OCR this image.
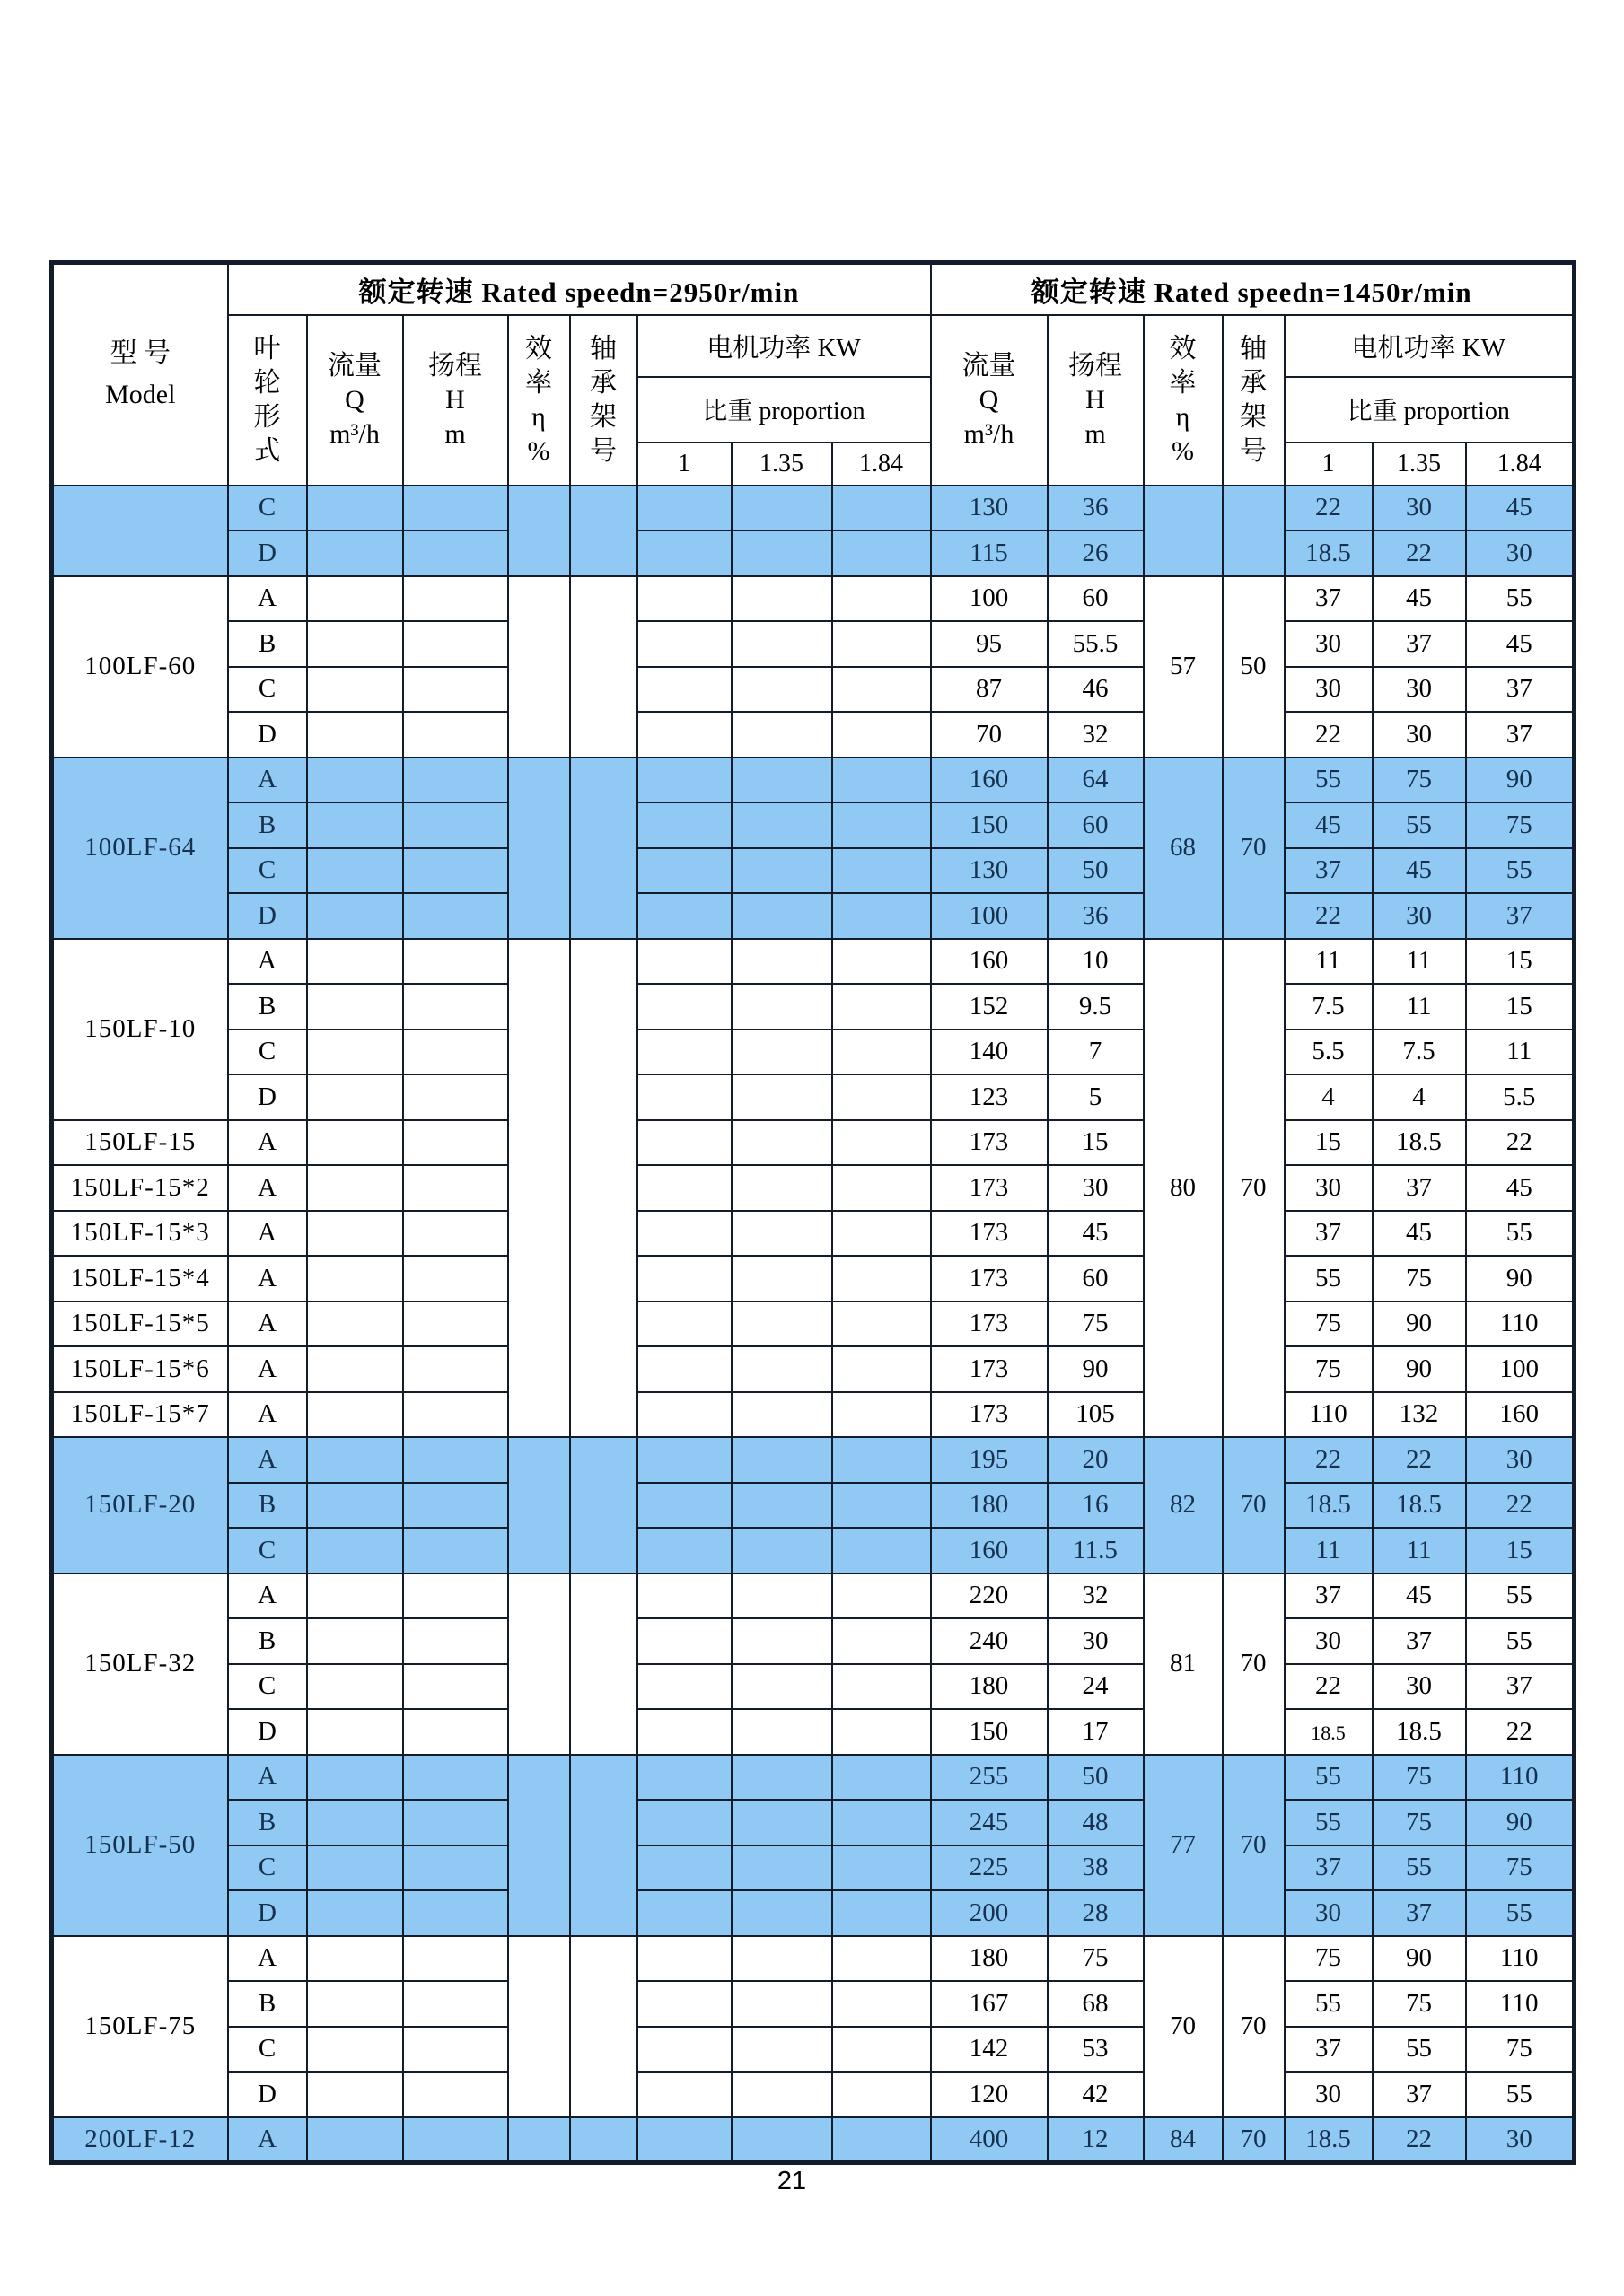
型 号
Model	额定转速 Rated speedn=2950r/min								额定转速 Rated speedn=1450r/min						
	叶
轮
形
式	流量
Q
m³/h	扬程
H
m	效
率
η
%	轴
承
架
号	电机功率 KW			流量
Q
m³/h	扬程
H
m	效
率
η
%	轴
承
架
号	电机功率 KW		
						比重 proportion							比重 proportion		
						1	1.35	1.84					1	1.35	1.84
	C								130	36			22	30	45
	D								115	26			18.5	22	30
100LF-60	A								100	60	57	50	37	45	55
	B								95	55.5			30	37	45
	C								87	46			30	30	37
	D								70	32			22	30	37
100LF-64	A								160	64	68	70	55	75	90
	B								150	60			45	55	75
	C								130	50			37	45	55
	D								100	36			22	30	37
150LF-10	A								160	10	80	70	11	11	15
	B								152	9.5			7.5	11	15
	C								140	7			5.5	7.5	11
	D								123	5			4	4	5.5
150LF-15	A								173	15			15	18.5	22
150LF-15*2	A								173	30			30	37	45
150LF-15*3	A								173	45			37	45	55
150LF-15*4	A								173	60			55	75	90
150LF-15*5	A								173	75			75	90	110
150LF-15*6	A								173	90			75	90	100
150LF-15*7	A								173	105			110	132	160
150LF-20	A								195	20	82	70	22	22	30
	B								180	16			18.5	18.5	22
	C								160	11.5			11	11	15
150LF-32	A								220	32	81	70	37	45	55
	B								240	30			30	37	55
	C								180	24			22	30	37
	D								150	17			18.5	18.5	22
150LF-50	A								255	50	77	70	55	75	110
	B								245	48			55	75	90
	C								225	38			37	55	75
	D								200	28			30	37	55
150LF-75	A								180	75	70	70	75	90	110
	B								167	68			55	75	110
	C								142	53			37	55	75
	D								120	42			30	37	55
200LF-12	A								400	12	84	70	18.5	22	30
21
